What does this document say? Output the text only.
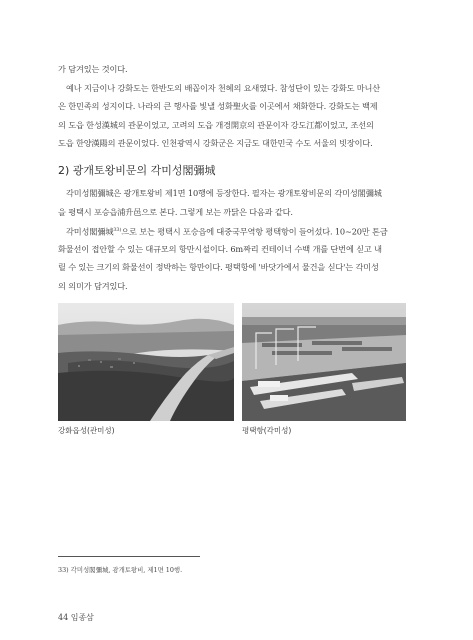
가 담겨있는 것이다.
예나 지금이나 강화도는 한반도의 배꼽이자 천혜의 요새였다. 참성단이 있는 강화도 마니산
은 한민족의 성지이다. 나라의 큰 행사를 빛낼 성화聖火를 이곳에서 채화한다. 강화도는 백제
의 도읍 한성漢城의 관문이었고, 고려의 도읍 개경開京의 관문이자 강도江都이었고, 조선의
도읍 한양漢陽의 관문이었다. 인천광역시 강화군은 지금도 대한민국 수도 서울의 빗장이다.
2) 광개토왕비문의 각미성閣彌城
각미성閣彌城은 광개토왕비 제1면 10행에 등장한다. 필자는 광개토왕비문의 각미성閣彌城
을 평택시 포승읍浦升邑으로 본다. 그렇게 보는 까닭은 다음과 같다.
각미성閣彌城$^{33)}$으로 보는 평택시 포승읍에 대중국무역항 평택항이 들어섰다. 10~20만 톤급
화물선이 접안할 수 있는 대규모의 항만시설이다. 6m짜리 컨테이너 수백 개를 단번에 싣고 내
릴 수 있는 크기의 화물선이 정박하는 항만이다. 평택항에 '바닷가에서 물건을 싣다'는 각미성
의 의미가 담겨있다.
강화읍성(관미성)	평택항(각미성)
33) 각미성閣彌城, 광개토왕비, 제1면 10행.
44 임종삼
